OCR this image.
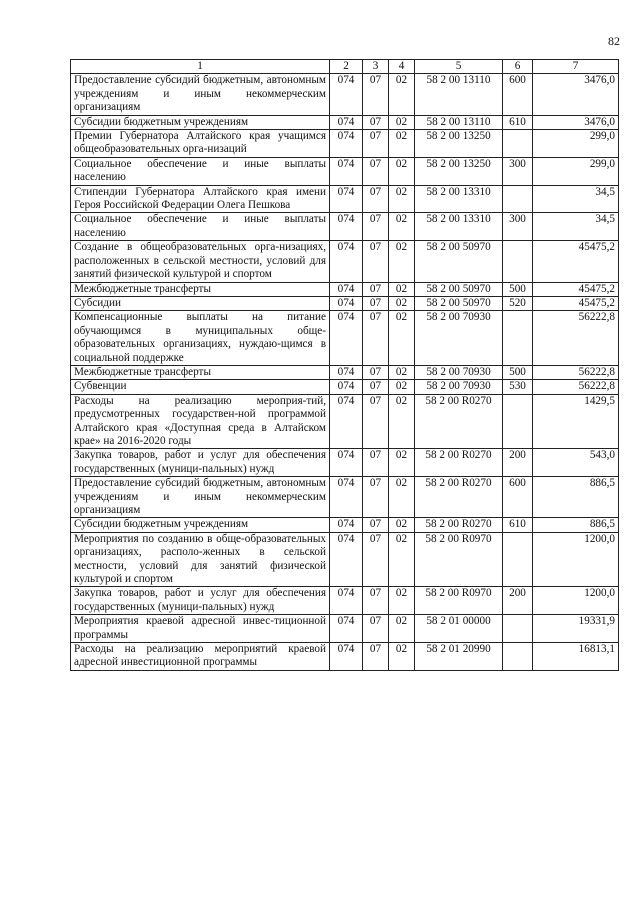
82
1	2	3	4	5	6	7
Предоставление субсидий бюджетным, автономным учреждениям и иным некоммерческим организациям	074	07	02	58 2 00 13110	600	3476,0
Субсидии бюджетным учреждениям	074	07	02	58 2 00 13110	610	3476,0
Премии Губернатора Алтайского края учащимся общеобразовательных орга-низаций	074	07	02	58 2 00 13250		299,0
Социальное обеспечение и иные выплаты населению	074	07	02	58 2 00 13250	300	299,0
Стипендии Губернатора Алтайского края имени Героя Российской Федерации Олега Пешкова	074	07	02	58 2 00 13310		34,5
Социальное обеспечение и иные выплаты населению	074	07	02	58 2 00 13310	300	34,5
Создание в общеобразовательных орга-низациях, расположенных в сельской местности, условий для занятий физической культурой и спортом	074	07	02	58 2 00 50970		45475,2
Межбюджетные трансферты	074	07	02	58 2 00 50970	500	45475,2
Субсидии	074	07	02	58 2 00 50970	520	45475,2
Компенсационные выплаты на питание обучающимся в муниципальных обще-образовательных организациях, нуждаю-щимся в социальной поддержке	074	07	02	58 2 00 70930		56222,8
Межбюджетные трансферты	074	07	02	58 2 00 70930	500	56222,8
Субвенции	074	07	02	58 2 00 70930	530	56222,8
Расходы на реализацию мероприя-тий, предусмотренных государствен-ной программой Алтайского края «Доступная среда в Алтайском крае» на 2016-2020 годы	074	07	02	58 2 00 R0270		1429,5
Закупка товаров, работ и услуг для обеспечения государственных (муници-пальных) нужд	074	07	02	58 2 00 R0270	200	543,0
Предоставление субсидий бюджетным, автономным учреждениям и иным некоммерческим организациям	074	07	02	58 2 00 R0270	600	886,5
Субсидии бюджетным учреждениям	074	07	02	58 2 00 R0270	610	886,5
Мероприятия по созданию в обще-образовательных организациях, располо-женных в сельской местности, условий для занятий физической культурой и спортом	074	07	02	58 2 00 R0970		1200,0
Закупка товаров, работ и услуг для обеспечения государственных (муници-пальных) нужд	074	07	02	58 2 00 R0970	200	1200,0
Мероприятия краевой адресной инвес-тиционной программы	074	07	02	58 2 01 00000		19331,9
Расходы на реализацию мероприятий краевой адресной инвестиционной программы	074	07	02	58 2 01 20990		16813,1
